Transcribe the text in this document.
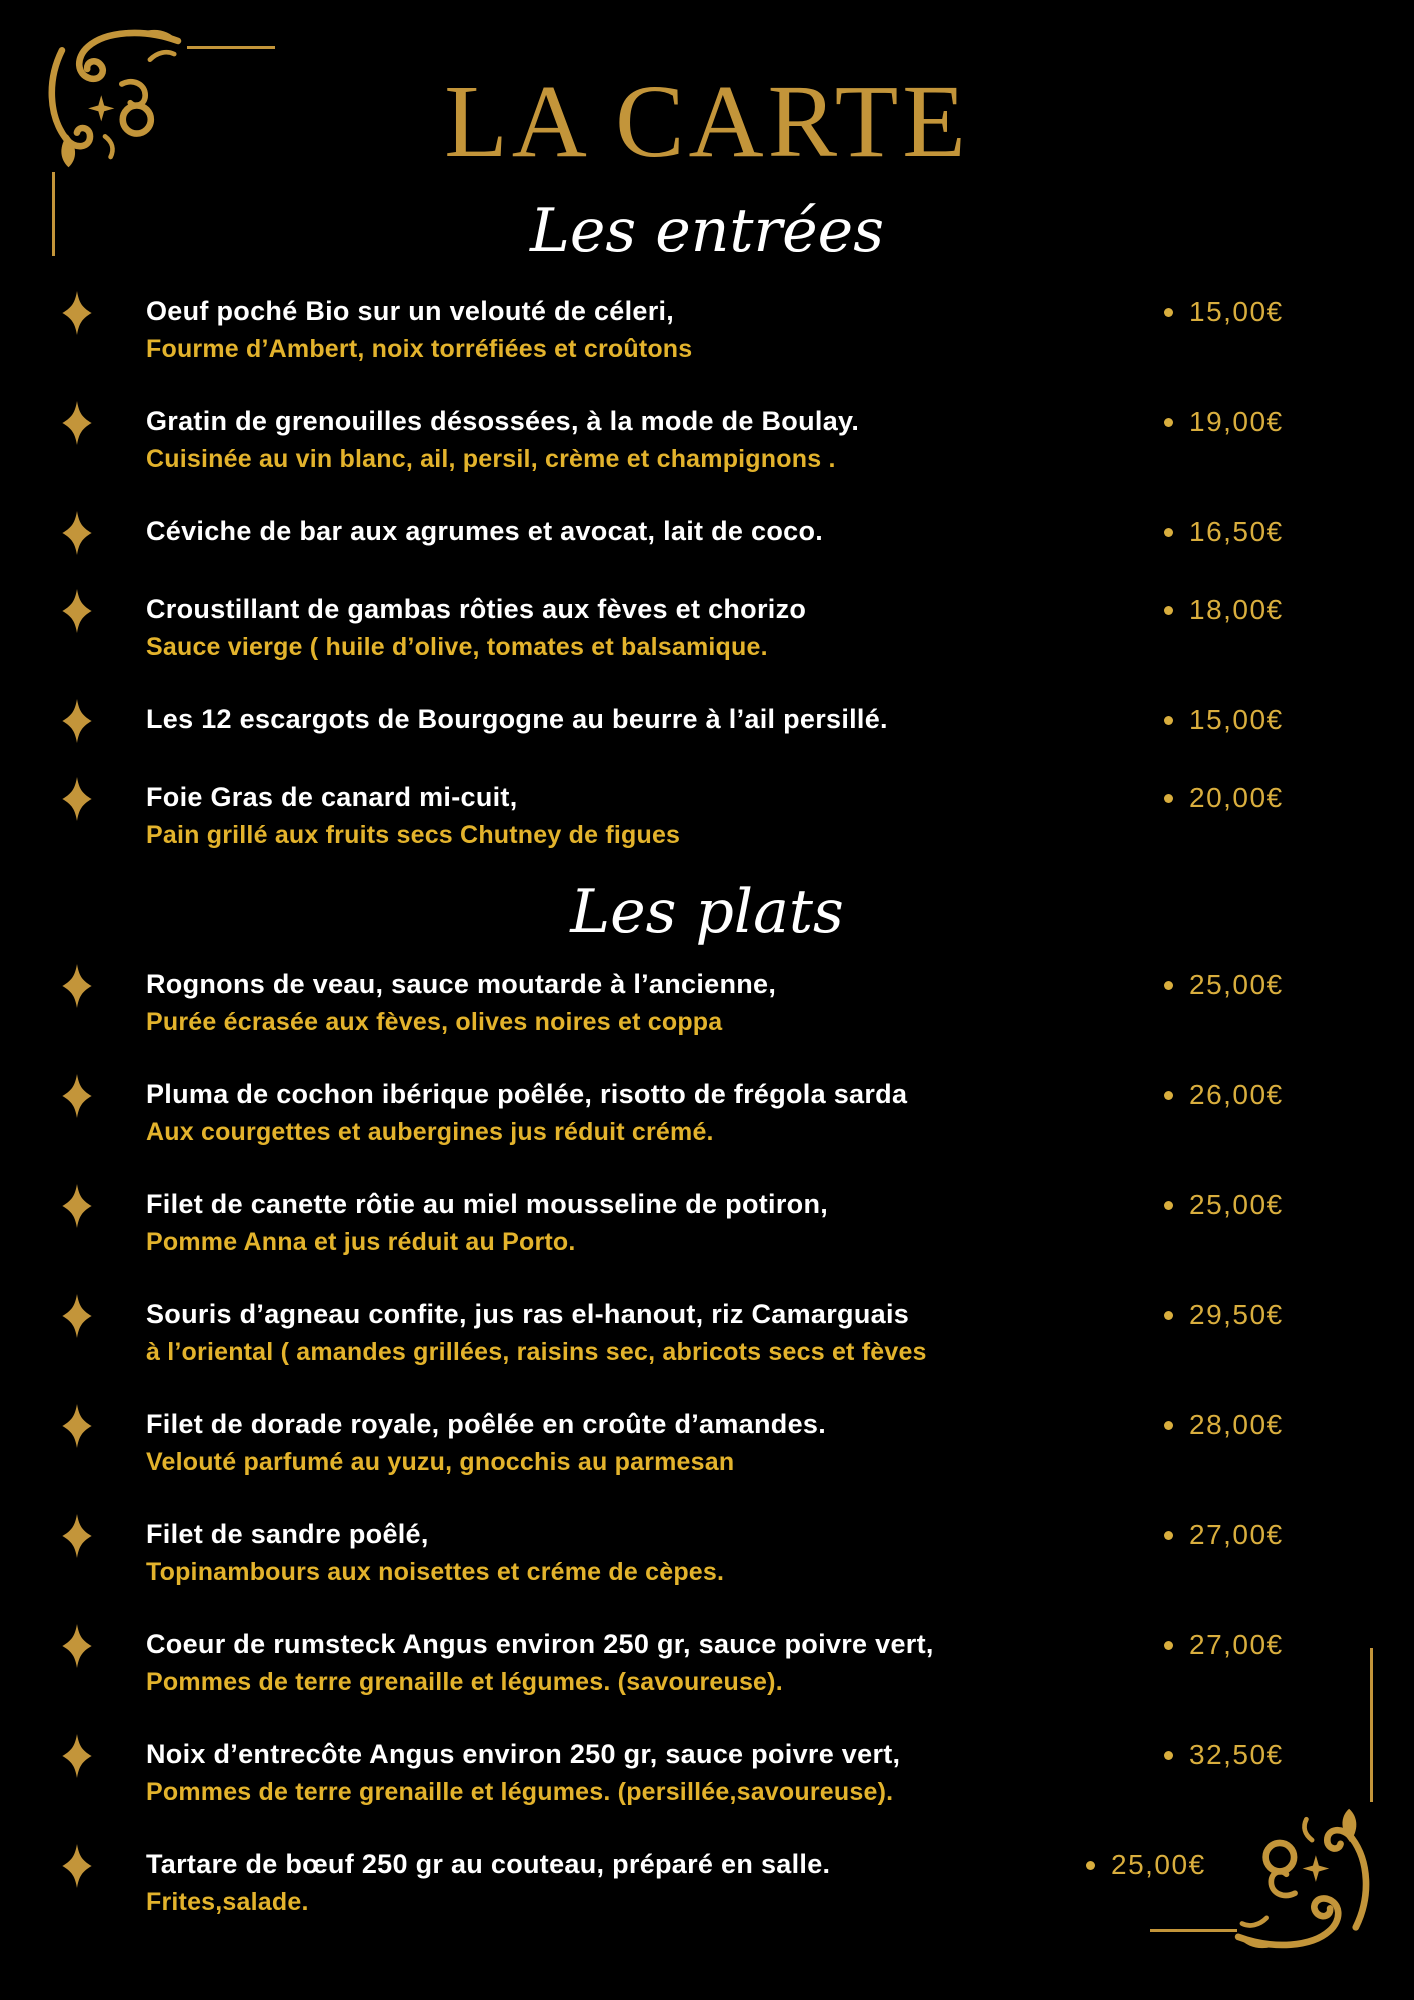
LA CARTE
Les entrées
Oeuf poché Bio sur un velouté de céleri,
Fourme d’Ambert, noix torréfiées et croûtons
15,00€
Gratin de grenouilles désossées, à la mode de Boulay.
Cuisinée au vin blanc, ail, persil, crème et champignons .
19,00€
Céviche de bar aux agrumes et avocat, lait de coco.	16,50€
Croustillant de gambas rôties aux fèves et chorizo
Sauce vierge ( huile d’olive, tomates et balsamique.
18,00€
Les 12 escargots de Bourgogne au beurre à l’ail persillé.	15,00€
Foie Gras de canard mi-cuit,
Pain grillé aux fruits secs Chutney de figues
20,00€
Les plats
Rognons de veau, sauce moutarde à l’ancienne,
Purée écrasée aux fèves, olives noires et coppa
25,00€
Pluma de cochon ibérique poêlée, risotto de frégola sarda
Aux courgettes et aubergines jus réduit crémé.
26,00€
Filet de canette rôtie au miel mousseline de potiron,
Pomme Anna et jus réduit au Porto.
25,00€
Souris d’agneau confite, jus ras el-hanout, riz Camarguais
à l’oriental ( amandes grillées, raisins sec, abricots secs et fèves
29,50€
Filet de dorade royale, poêlée en croûte d’amandes.
Velouté parfumé au yuzu, gnocchis au parmesan
28,00€
Filet de sandre poêlé,
Topinambours aux noisettes et créme de cèpes.
27,00€
Coeur de rumsteck Angus environ 250 gr, sauce poivre vert,
Pommes de terre grenaille et légumes. (savoureuse).
27,00€
Noix d’entrecôte Angus environ 250 gr, sauce poivre vert,
Pommes de terre grenaille et légumes. (persillée,savoureuse).
32,50€
Tartare de bœuf 250 gr au couteau, préparé en salle.
Frites,salade.
25,00€
